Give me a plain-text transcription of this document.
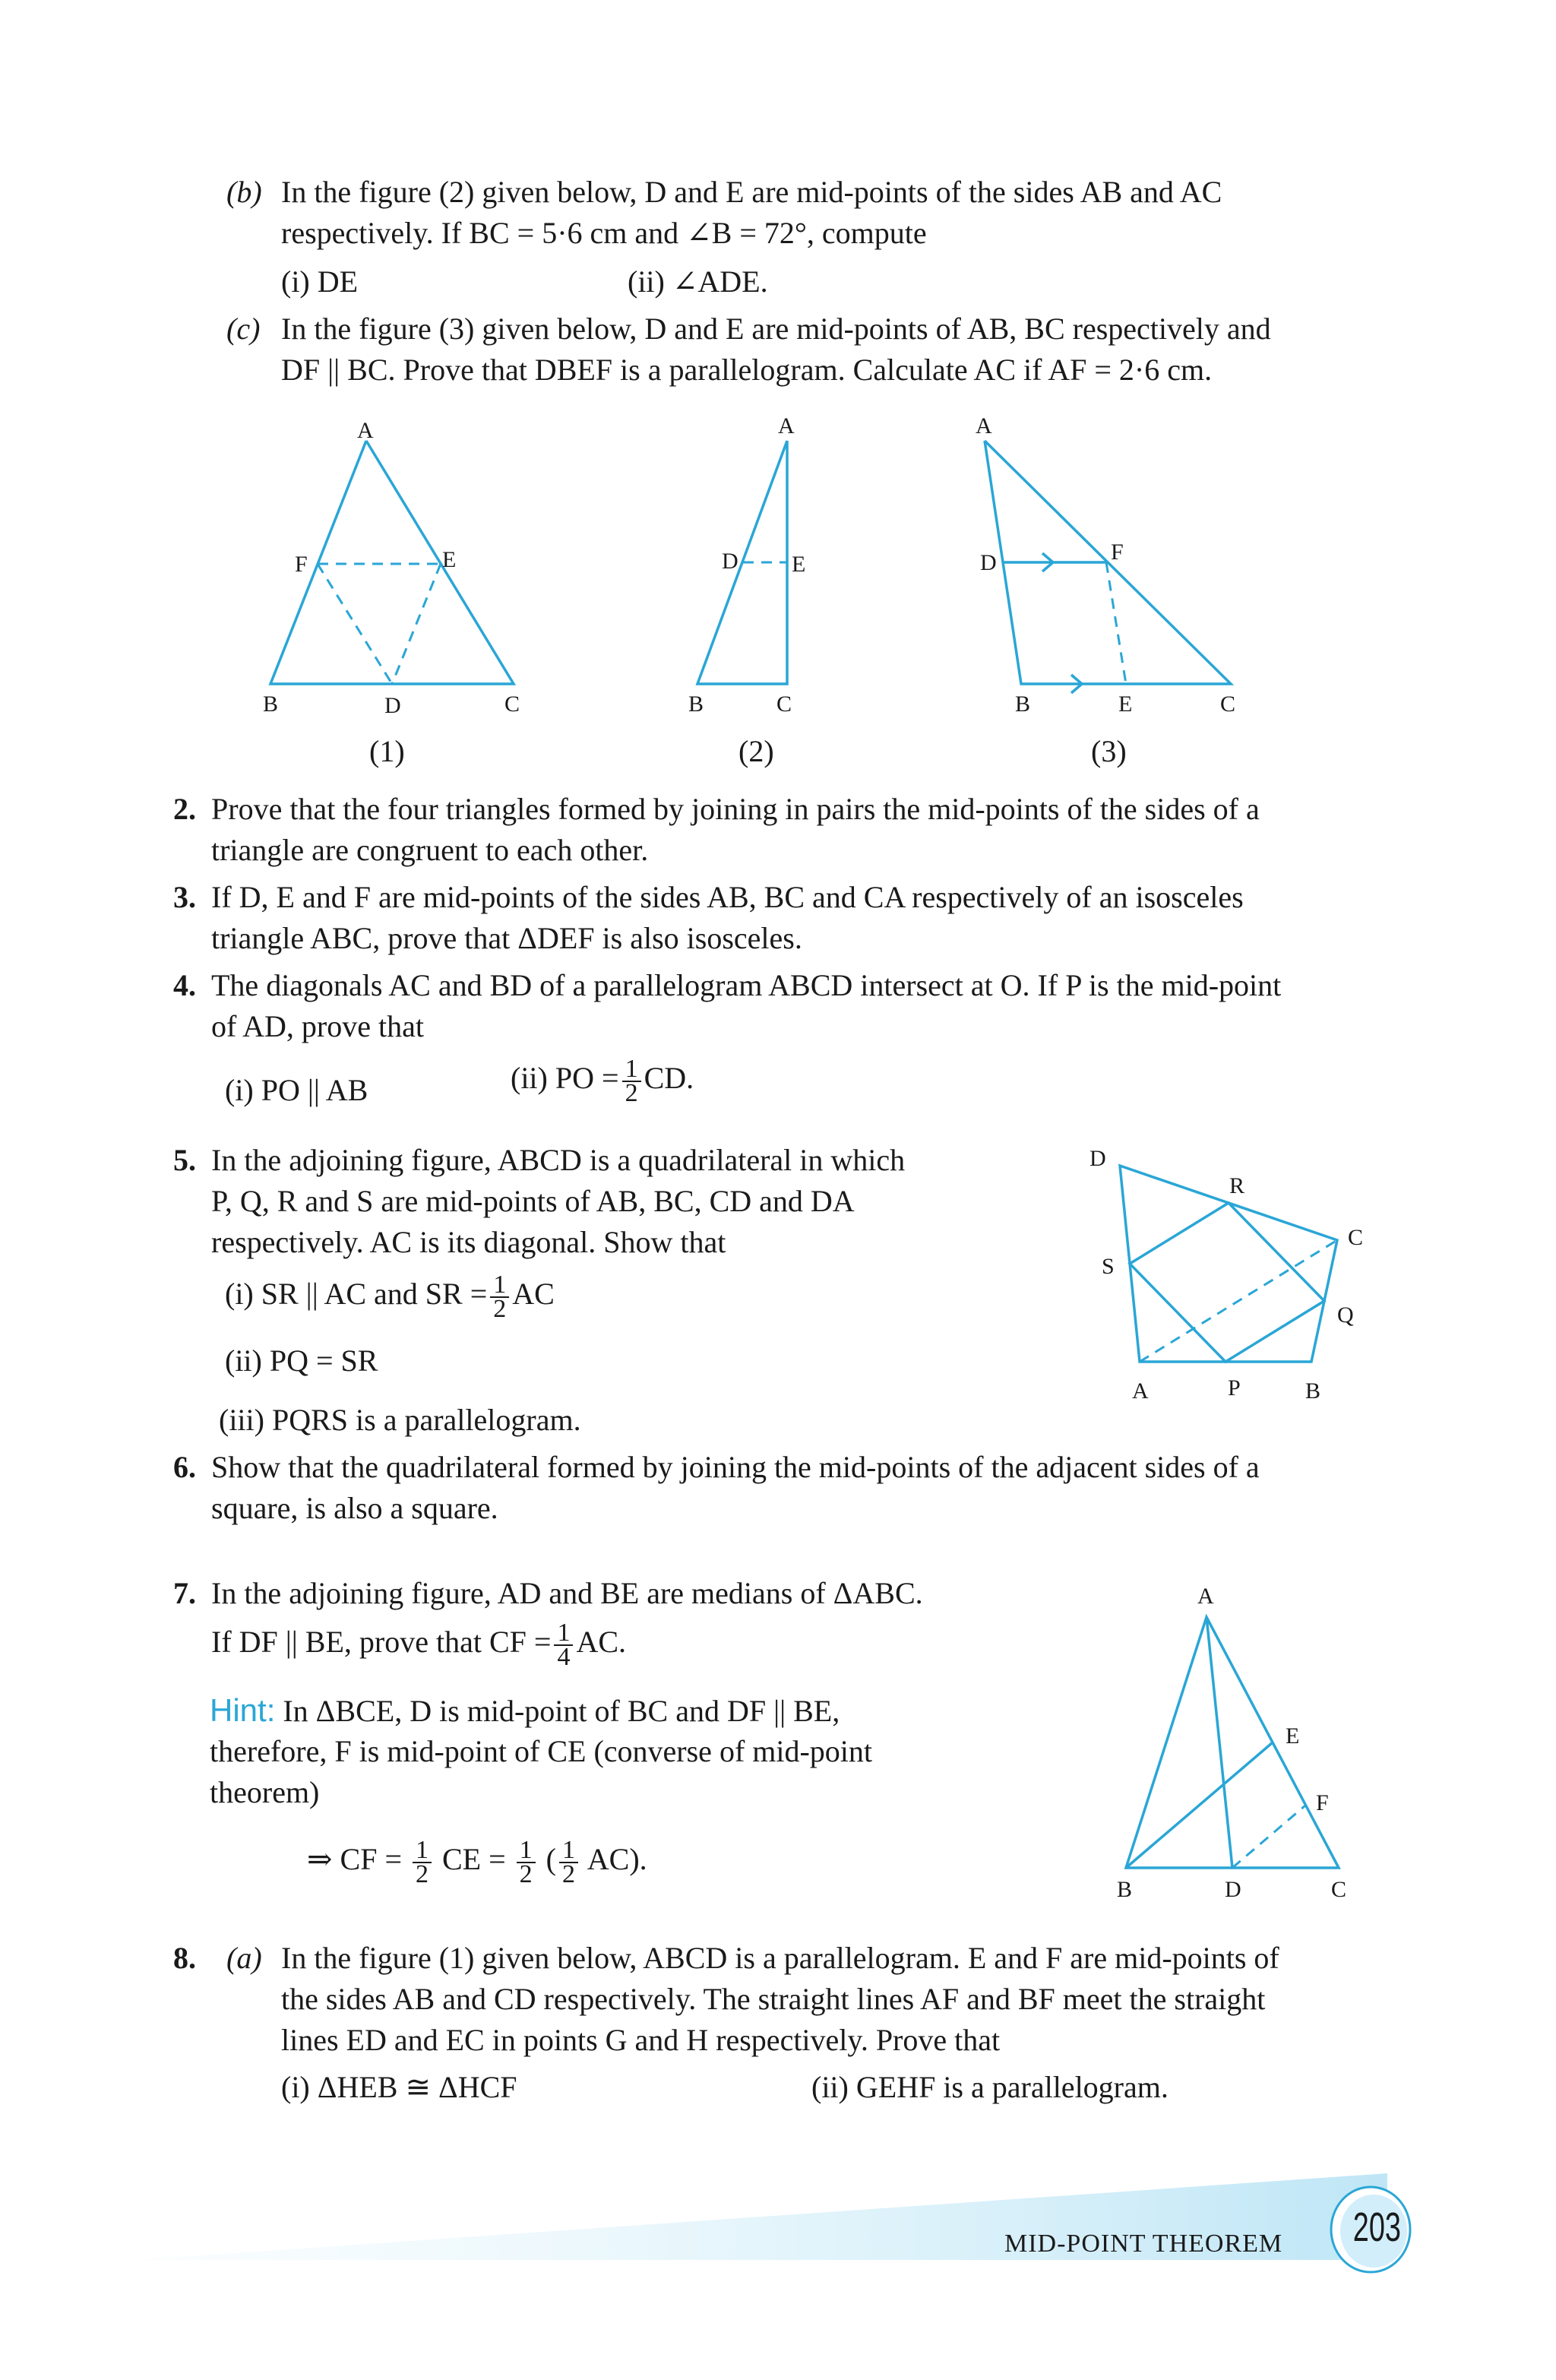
(b) In the figure (2) given below, D and E are mid-points of the sides AB and AC
respectively. If BC = 5·6 cm and ∠B = 72°, compute
(i) DE	(ii) ∠ADE.
(c) In the figure (3) given below, D and E are mid-points of AB, BC respectively and
DF || BC. Prove that DBEF is a parallelogram. Calculate AC if AF = 2·6 cm.
A
F	E
B	D	C
A
D E
B	C
A
D	F
B	E	C
(1)	(2)	(3)
2. Prove that the four triangles formed by joining in pairs the mid-points of the sides of a
triangle are congruent to each other.
3. If D, E and F are mid-points of the sides AB, BC and CA respectively of an isosceles
triangle ABC, prove that ΔDEF is also isosceles.
4. The diagonals AC and BD of a parallelogram ABCD intersect at O. If P is the mid-point
of AD, prove that
(i) PO || AB	(ii) PO = $\frac{1}{2}$ CD.
5. In the adjoining figure, ABCD is a quadrilateral in which
P, Q, R and S are mid-points of AB, BC, CD and DA
respectively. AC is its diagonal. Show that
(i) SR || AC and SR = $\frac{1}{2}$ AC
(ii) PQ = SR
(iii) PQRS is a parallelogram.
D
R
C
S
Q
A	P	B
6. Show that the quadrilateral formed by joining the mid-points of the adjacent sides of a
square, is also a square.
7. In the adjoining figure, AD and BE are medians of ΔABC.
If DF || BE, prove that CF = $\frac{1}{4}$ AC.
Hint: In ΔBCE, D is mid-point of BC and DF || BE,
therefore, F is mid-point of CE (converse of mid-point
theorem)
⇒ CF = $\frac{1}{2}$ CE = $\frac{1}{2}$ ( $\frac{1}{2} AC$).
A
E
F
B	D	C
8. (a) In the figure (1) given below, ABCD is a parallelogram. E and F are mid-points of
the sides AB and CD respectively. The straight lines AF and BF meet the straight
lines ED and EC in points G and H respectively. Prove that
(i) ΔHEB ≅ ΔHCF	(ii) GEHF is a parallelogram.
MID-POINT THEOREM 203
